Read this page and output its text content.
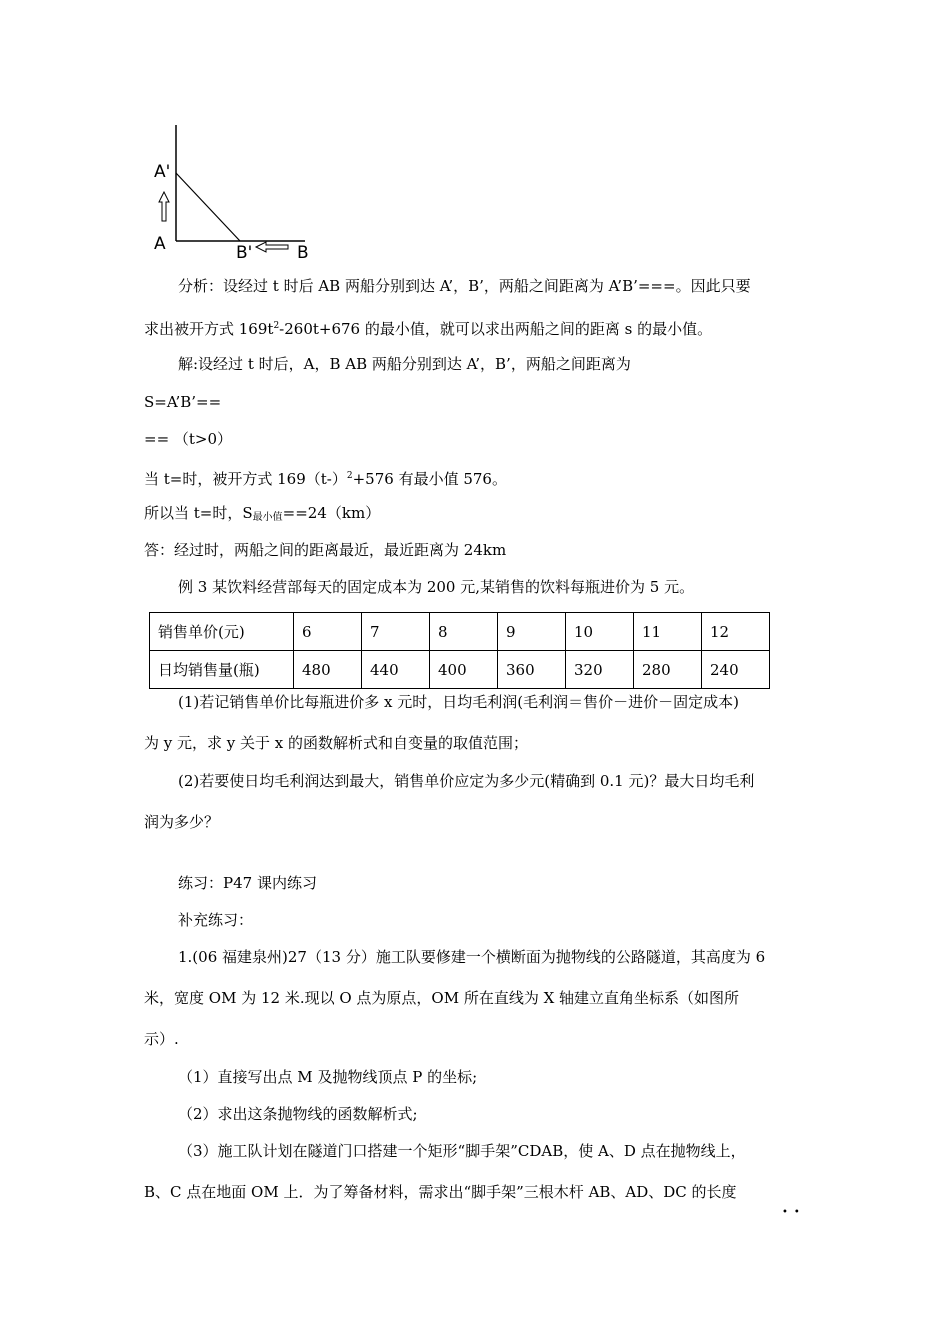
A'
A	B'	B
分析：设经过 t 时后 AB 两船分别到达 A’，B’，两船之间距离为 A’B’===。因此只要
求出被开方式 $169t^2-260t+676$ 的最小值，就可以求出两船之间的距离 s 的最小值。
解:设经过 t 时后，A，B AB 两船分别到达 A’，B’，两船之间距离为
S=A’B’==
== （t>0）
当 t=时，被开方式 $169(t-)^2+576$ 有最小值 576。
所以当 t=时，$S_{最小值}==24(km)$
答：经过时，两船之间的距离最近，最近距离为 24km
例 3 某饮料经营部每天的固定成本为 200 元,某销售的饮料每瓶进价为 5 元。
销售单价(元)	6	7	8	9	10	11	12
日均销售量(瓶)	480	440	400	360	320	280	240
(1)若记销售单价比每瓶进价多 x 元时，日均毛利润(毛利润＝售价－进价－固定成本)
为 y 元，求 y 关于 x 的函数解析式和自变量的取值范围；
(2)若要使日均毛利润达到最大，销售单价应定为多少元(精确到 0.1 元)？最大日均毛利
润为多少？
练习：P47 课内练习
补充练习：
1.(06 福建泉州)27（13 分）施工队要修建一个横断面为抛物线的公路隧道，其高度为 6
米，宽度 OM 为 12 米.现以 O 点为原点，OM 所在直线为 X 轴建立直角坐标系（如图所
示）.
（1）直接写出点 M 及抛物线顶点 P 的坐标;
（2）求出这条抛物线的函数解析式;
（3）施工队计划在隧道门口搭建一个矩形“脚手架”CDAB，使 A、D 点在抛物线上，
B、C 点在地面 OM 上．为了筹备材料，需求出“脚手架”三根木杆 AB、AD、DC 的长度
••
